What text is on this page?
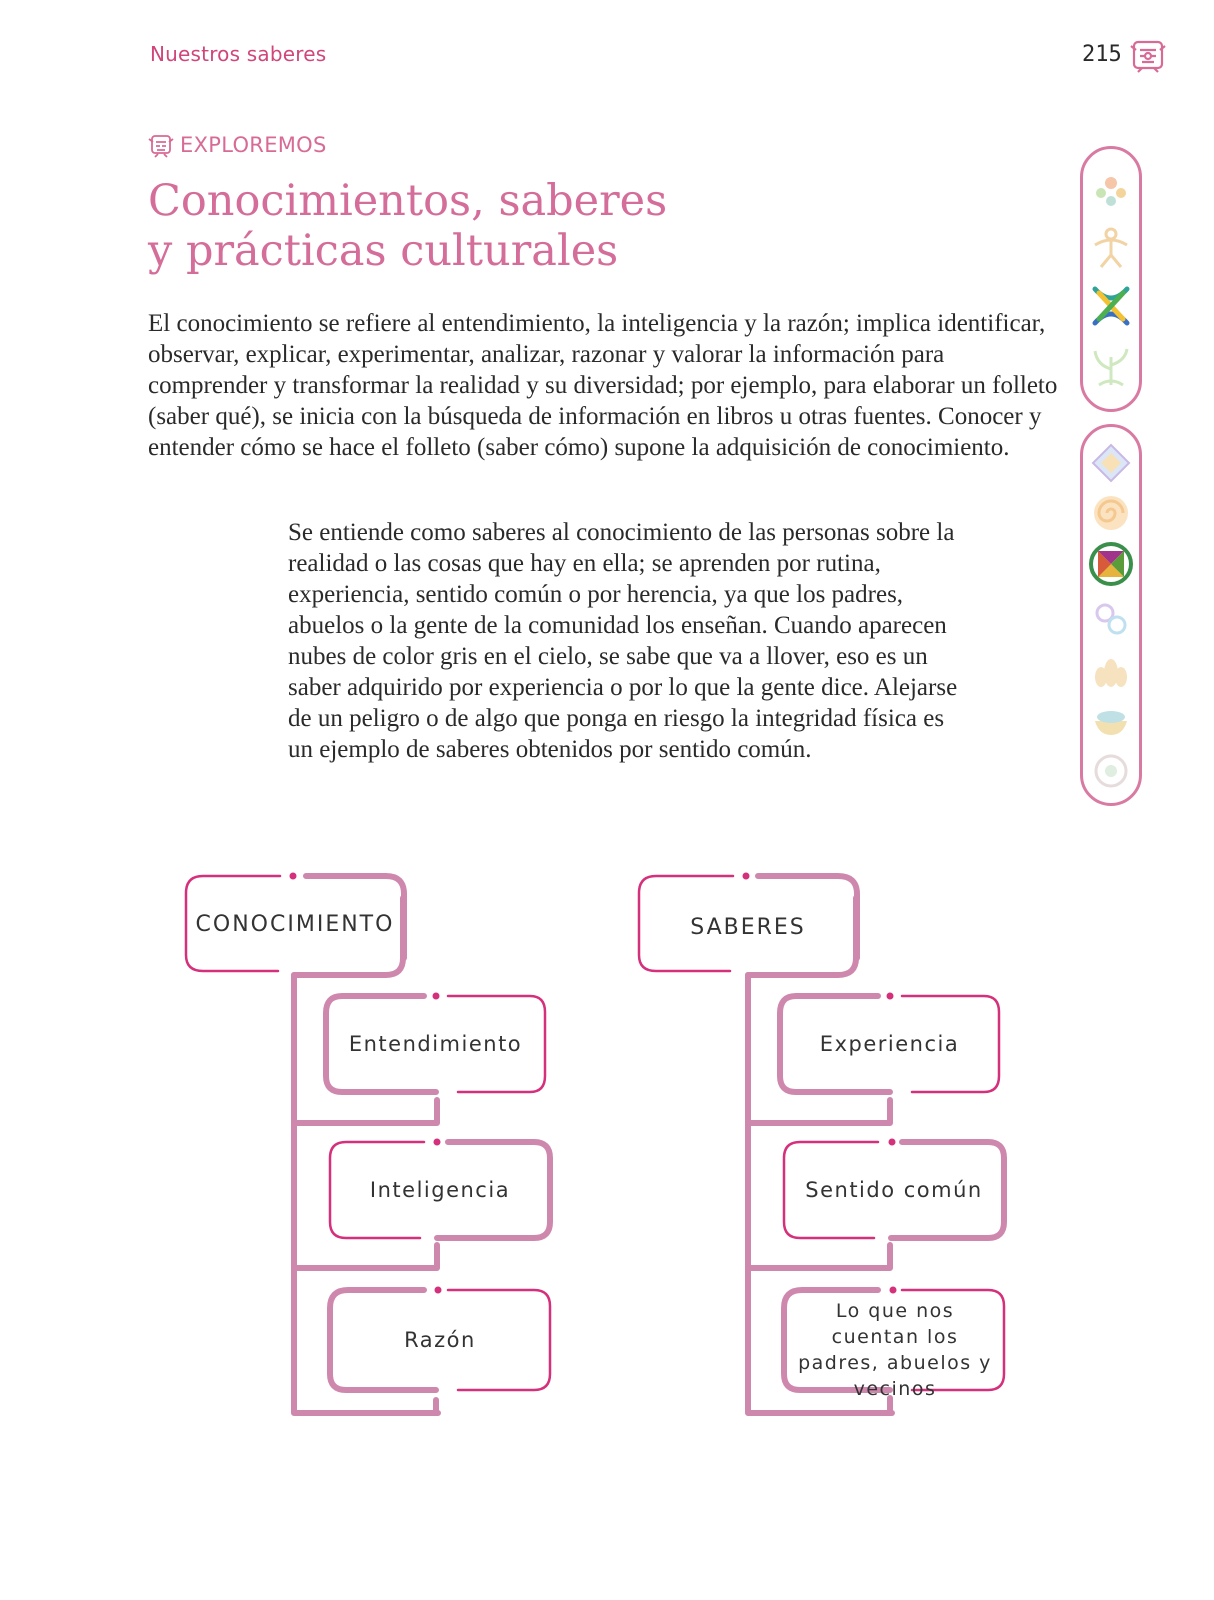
Nuestros saberes	215
EXPLOREMOS
Conocimientos, saberes
y prácticas culturales

El conocimiento se refiere al entendimiento, la inteligencia y la razón; implica identificar, observar, explicar, experimentar, analizar, razonar y valorar la información para comprender y transformar la realidad y su diversidad; por ejemplo, para elaborar un folleto (saber qué), se inicia con la búsqueda de información en libros u otras fuentes. Conocer y entender cómo se hace el folleto (saber cómo) supone la adquisición de conocimiento.

Se entiende como saberes al conocimiento de las personas sobre la realidad o las cosas que hay en ella; se aprenden por rutina, experiencia, sentido común o por herencia, ya que los padres, abuelos o la gente de la comunidad los enseñan. Cuando aparecen nubes de color gris en el cielo, se sabe que va a llover, eso es un saber adquirido por experiencia o por lo que la gente dice. Alejarse de un peligro o de algo que ponga en riesgo la integridad física es un ejemplo de saberes obtenidos por sentido común.

CONOCIMIENTO
Entendimiento
Inteligencia
Razón
SABERES
Experiencia
Sentido común
Lo que nos cuentan los padres, abuelos y vecinos
